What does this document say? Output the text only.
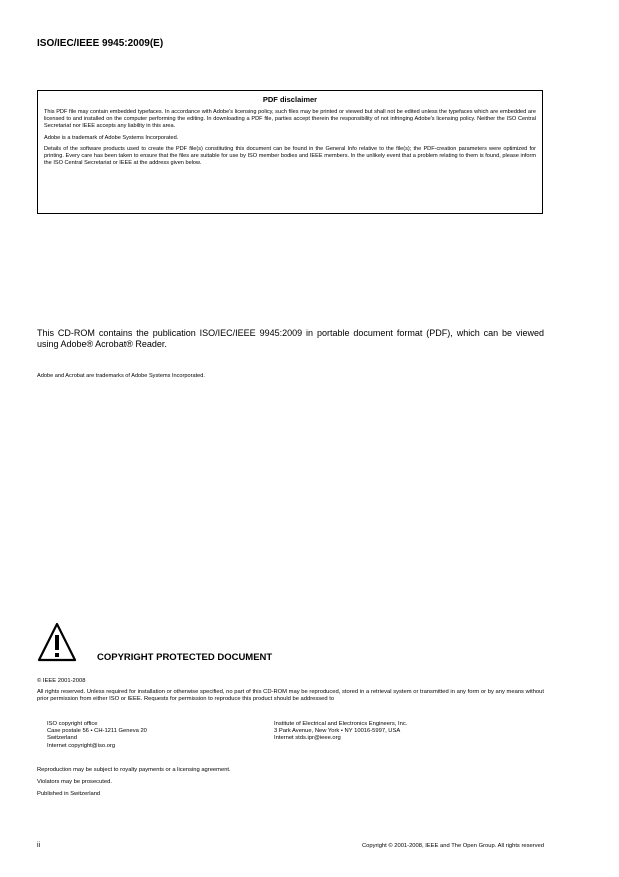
ISO/IEC/IEEE 9945:2009(E)
PDF disclaimer

This PDF file may contain embedded typefaces. In accordance with Adobe's licensing policy, such files may be printed or viewed but shall not be edited unless the typefaces which are embedded are licensed to and installed on the computer performing the editing. In downloading a PDF file, parties accept therein the responsibility of not infringing Adobe's licensing policy. Neither the ISO Central Secretariat nor IEEE accepts any liability in this area.

Adobe is a trademark of Adobe Systems Incorporated.

Details of the software products used to create the PDF file(s) constituting this document can be found in the General Info relative to the file(s); the PDF-creation parameters were optimized for printing. Every care has been taken to ensure that the files are suitable for use by ISO member bodies and IEEE members. In the unlikely event that a problem relating to them is found, please inform the ISO Central Secretariat or IEEE at the address given below.

This CD-ROM contains the publication ISO/IEC/IEEE 9945:2009 in portable document format (PDF), which can be viewed using Adobe® Acrobat® Reader.
Adobe and Acrobat are trademarks of Adobe Systems Incorporated.
COPYRIGHT PROTECTED DOCUMENT
© IEEE 2001-2008
All rights reserved. Unless required for installation or otherwise specified, no part of this CD-ROM may be reproduced, stored in a retrieval system or transmitted in any form or by any means without prior permission from either ISO or IEEE. Requests for permission to reproduce this product should be addressed to
ISO copyright office
Case postale 56 • CH-1211 Geneva 20
Switzerland
Internet copyright@iso.org
Institute of Electrical and Electronics Engineers, Inc.
3 Park Avenue, New York • NY 10016-5997, USA
Internet stds.ipr@ieee.org
Reproduction may be subject to royalty payments or a licensing agreement.
Violators may be prosecuted.
Published in Switzerland
ii	Copyright © 2001-2008, IEEE and The Open Group. All rights reserved
